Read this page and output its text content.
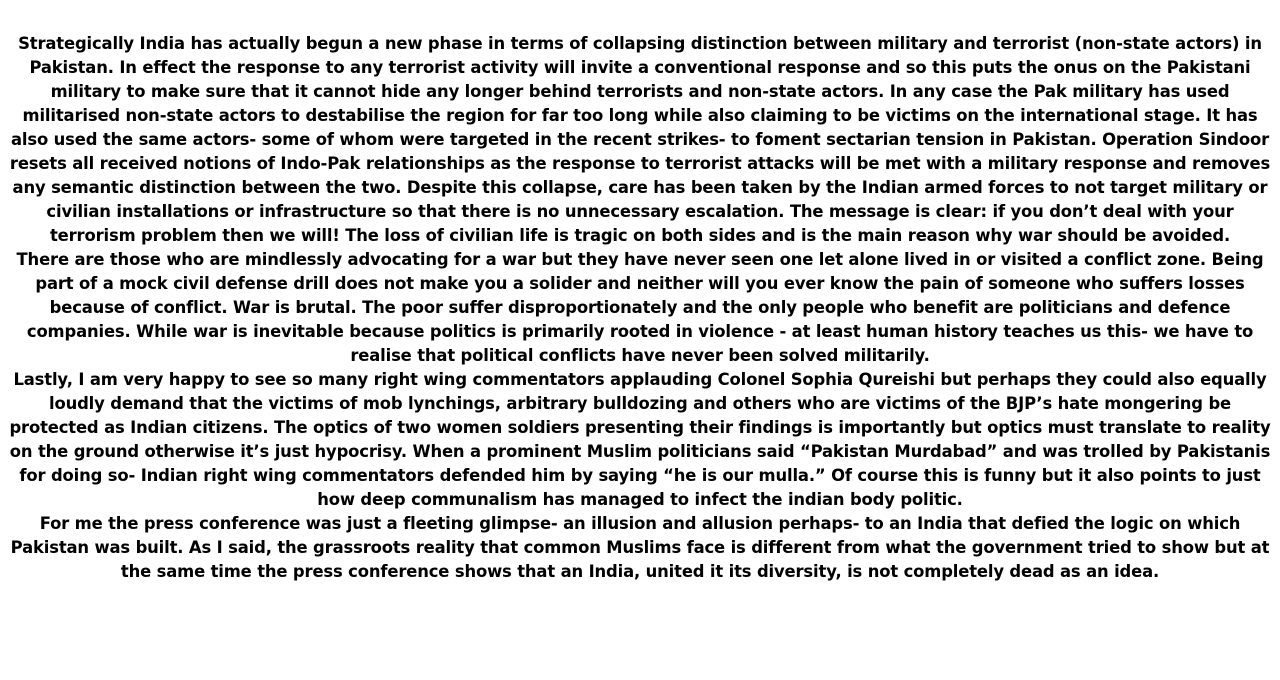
Strategically India has actually begun a new phase in terms of collapsing distinction between military and terrorist (non-state actors) in Pakistan. In effect the response to any terrorist activity will invite a conventional response and so this puts the onus on the Pakistani military to make sure that it cannot hide any longer behind terrorists and non-state actors. In any case the Pak military has used militarised non-state actors to destabilise the region for far too long while also claiming to be victims on the international stage. It has also used the same actors- some of whom were targeted in the recent strikes- to foment sectarian tension in Pakistan. Operation Sindoor resets all received notions of Indo-Pak relationships as the response to terrorist attacks will be met with a military response and removes any semantic distinction between the two. Despite this collapse, care has been taken by the Indian armed forces to not target military or civilian installations or infrastructure so that there is no unnecessary escalation. The message is clear: if you don’t deal with your terrorism problem then we will! The loss of civilian life is tragic on both sides and is the main reason why war should be avoided.

There are those who are mindlessly advocating for a war but they have never seen one let alone lived in or visited a conflict zone. Being part of a mock civil defense drill does not make you a solider and neither will you ever know the pain of someone who suffers losses because of conflict. War is brutal. The poor suffer disproportionately and the only people who benefit are politicians and defence companies. While war is inevitable because politics is primarily rooted in violence - at least human history teaches us this- we have to realise that political conflicts have never been solved militarily.

Lastly, I am very happy to see so many right wing commentators applauding Colonel Sophia Qureishi but perhaps they could also equally loudly demand that the victims of mob lynchings, arbitrary bulldozing and others who are victims of the BJP’s hate mongering be protected as Indian citizens. The optics of two women soldiers presenting their findings is importantly but optics must translate to reality on the ground otherwise it’s just hypocrisy. When a prominent Muslim politicians said “Pakistan Murdabad” and was trolled by Pakistanis for doing so- Indian right wing commentators defended him by saying “he is our mulla.” Of course this is funny but it also points to just how deep communalism has managed to infect the indian body politic.

For me the press conference was just a fleeting glimpse- an illusion and allusion perhaps- to an India that defied the logic on which Pakistan was built. As I said, the grassroots reality that common Muslims face is different from what the government tried to show but at the same time the press conference shows that an India, united it its diversity, is not completely dead as an idea.
